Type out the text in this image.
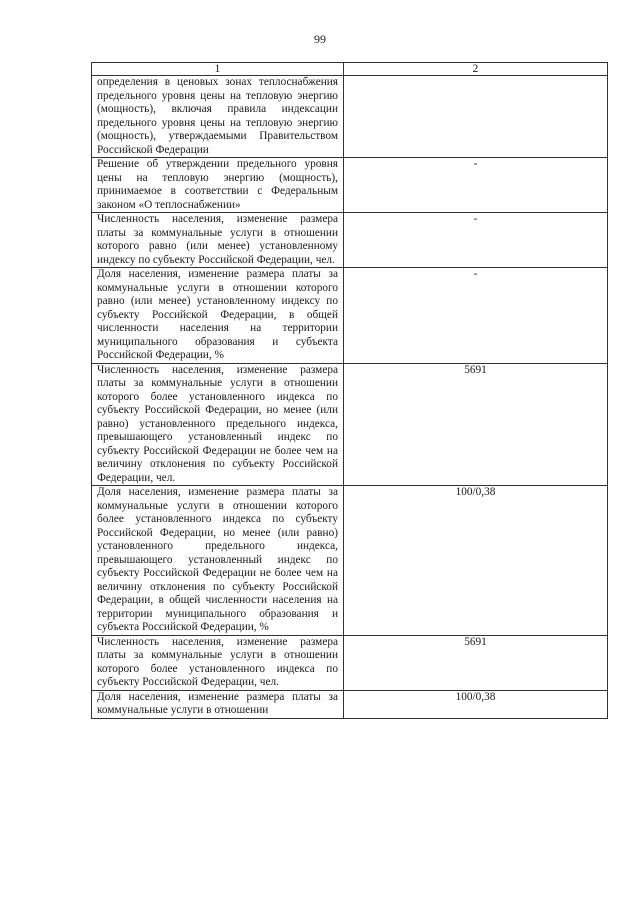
99
1	2
определения в ценовых зонах теплоснабжения предельного уровня цены на тепловую энергию (мощность), включая правила индексации предельного уровня цены на тепловую энергию (мощность), утверждаемыми Правительством Российской Федерации	
Решение об утверждении предельного уровня цены на тепловую энергию (мощность), принимаемое в соответствии с Федеральным законом «О теплоснабжении»	-
Численность населения, изменение размера платы за коммунальные услуги в отношении которого равно (или менее) установленному индексу по субъекту Российской Федерации, чел.	-
Доля населения, изменение размера платы за коммунальные услуги в отношении которого равно (или менее) установленному индексу по субъекту Российской Федерации, в общей численности населения на территории муниципального образования и субъекта Российской Федерации, %	-
Численность населения, изменение размера платы за коммунальные услуги в отношении которого более установленного индекса по субъекту Российской Федерации, но менее (или равно) установленного предельного индекса, превышающего установленный индекс по субъекту Российской Федерации не более чем на величину отклонения по субъекту Российской Федерации, чел.	5691
Доля населения, изменение размера платы за коммунальные услуги в отношении которого более установленного индекса по субъекту Российской Федерации, но менее (или равно) установленного предельного индекса, превышающего установленный индекс по субъекту Российской Федерации не более чем на величину отклонения по субъекту Российской Федерации, в общей численности населения на территории муниципального образования и субъекта Российской Федерации, %	100/0,38
Численность населения, изменение размера платы за коммунальные услуги в отношении которого более установленного индекса по субъекту Российской Федерации, чел.	5691
Доля населения, изменение размера платы за коммунальные услуги в отношении	100/0,38
